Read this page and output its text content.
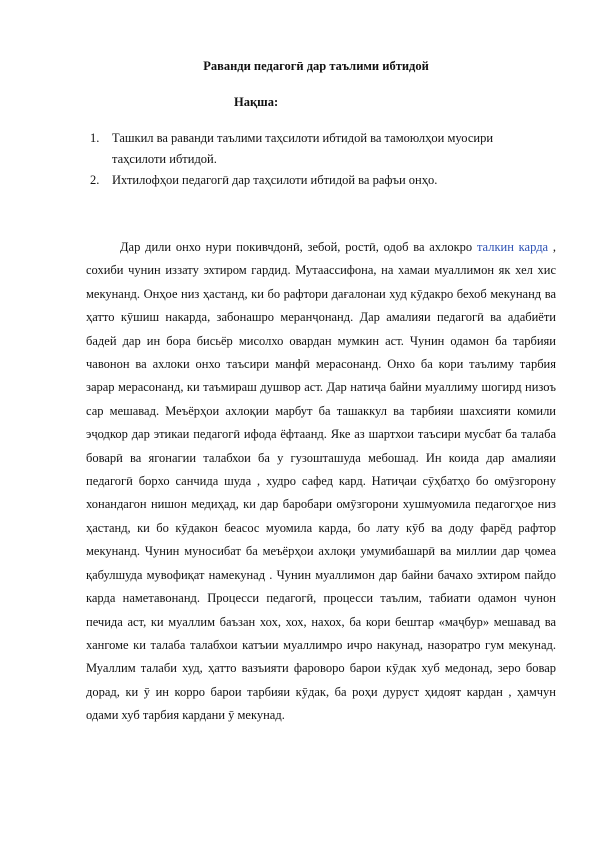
Раванди педагогӣ дар таълими ибтидой
Нақша:
1. Ташкил ва раванди таълими таҳсилоти ибтидой ва тамоюлҳои муосири таҳсилоти ибтидой.
2. Ихтилофҳои педагогӣ дар таҳсилоти ибтидой ва рафъи онҳо.

Дар дили онхо нури покивчдонӣ, зебой, ростӣ, одоб ва ахлокро талкин карда , сохиби чунин иззату эхтиром гардид. Мутаассифона, на хамаи муаллимон як хел хис мекунанд. Онҳое низ ҳастанд, ки бо рафтори дағалонаи худ кӯдакро бехоб мекунанд ва ҳатто кӯшиш накарда, забонашро меранҷонанд. Дар амалияи педагогӣ ва адабиёти бадей дар ин бора бисьёр мисолхо овардан мумкин аст. Чунин одамон ба тарбияи чавонон ва ахлоки онхо таъсири манфӣ мерасонанд. Онхо ба кори таълиму тарбия зарар мерасонанд, ки таъмираш душвор аст. Дар натиҷа байни муаллиму шогирд низоъ сар мешавад. Меъёрҳои ахлоқии марбут ба ташаккул ва тарбияи шахсияти комили эҷодкор дар этикаи педагогӣ ифода ёфтаанд. Яке аз шартхои таъсири мусбат ба талаба боварӣ ва ягонагии талабхои ба у гузошташуда мебошад. Ин коида дар амалияи педагогӣ борхо санчида шуда , худро сафед кард. Натиҷаи сӯҳбатҳо бо омӯзгорону хонандагон нишон медиҳад, ки дар баробари омӯзгорони хушмуомила педагогҳое низ ҳастанд, ки бо кӯдакон беасос муомила карда, бо лату кӯб ва доду фарёд рафтор мекунанд. Чунин муносибат ба меъёрҳои ахлоқи умумибашарӣ ва миллии дар ҷомеа қабулшуда мувофиқат намекунад . Чунин муаллимон дар байни бачахо эхтиром пайдо карда наметавонанд. Процесси педагогӣ, процесси таълим, табиати одамон чунон печида аст, ки муаллим баъзан хох, хох, нахох, ба кори бештар «маҷбур» мешавад ва хангоме ки талаба талабхои катъии муаллимро ичро накунад, назоратро гум мекунад. Муаллим талаби худ, ҳатто вазъияти фароворо барои кӯдак хуб медонад, зеро бовар дорад, ки ӯ ин корро барои тарбияи кӯдак, ба роҳи дуруст ҳидоят кардан , ҳамчун одами хуб тарбия кардани ӯ мекунад.
